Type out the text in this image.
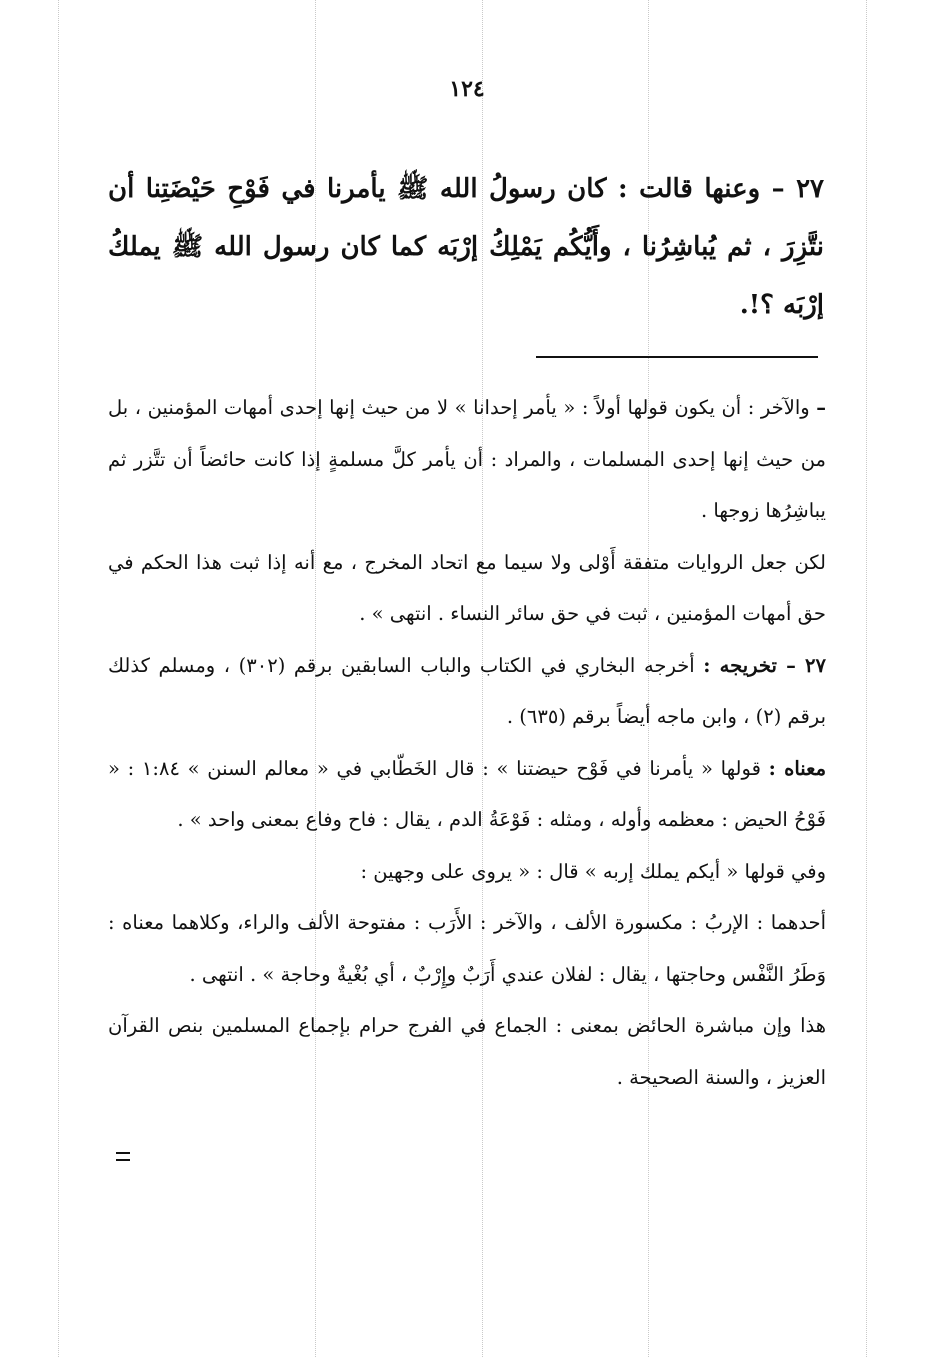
١٢٤
٢٧ – وعنها قالت : كان رسولُ الله ﷺ يأمرنا في فَوْحِ حَيْضَتِنا أن نتَّزِرَ ، ثم يُباشِرُنا ، وأَيُّكُم يَمْلِكُ إرْبَه كما كان رسول الله ﷺ يملكُ إرْبَه ؟!.

– والآخر : أن يكون قولها أولاً : « يأمر إحدانا » لا من حيث إنها إحدى أمهات المؤمنين ، بل من حيث إنها إحدى المسلمات ، والمراد : أن يأمر كلَّ مسلمةٍ إذا كانت حائضاً أن تتَّزر ثم يباشِرُها زوجها .

لكن جعل الروايات متفقة أَوْلى ولا سيما مع اتحاد المخرج ، مع أنه إذا ثبت هذا الحكم في حق أمهات المؤمنين ، ثبت في حق سائر النساء . انتهى » .

٢٧ – تخريجه : أخرجه البخاري في الكتاب والباب السابقين برقم (٣٠٢) ، ومسلم كذلك برقم (٢) ، وابن ماجه أيضاً برقم (٦٣٥) .

معناه : قولها « يأمرنا في فَوْح حيضتنا » : قال الخَطّابي في « معالم السنن » ١:٨٤ : « فَوْحُ الحيض : معظمه وأوله ، ومثله : فَوْعَةُ الدم ، يقال : فاح وفاع بمعنى واحد » .

وفي قولها « أيكم يملك إربه » قال : « يروى على وجهين :

أحدهما : الإربُ : مكسورة الألف ، والآخر : الأَرَب : مفتوحة الألف والراء، وكلاهما معناه : وَطَرُ النَّفْس وحاجتها ، يقال : لفلان عندي أَرَبٌ وإِرْبٌ ، أي بُغْيةٌ وحاجة » . انتهى .

هذا وإن مباشرة الحائض بمعنى : الجماع في الفرج حرام بإجماع المسلمين بنص القرآن العزيز ، والسنة الصحيحة .
